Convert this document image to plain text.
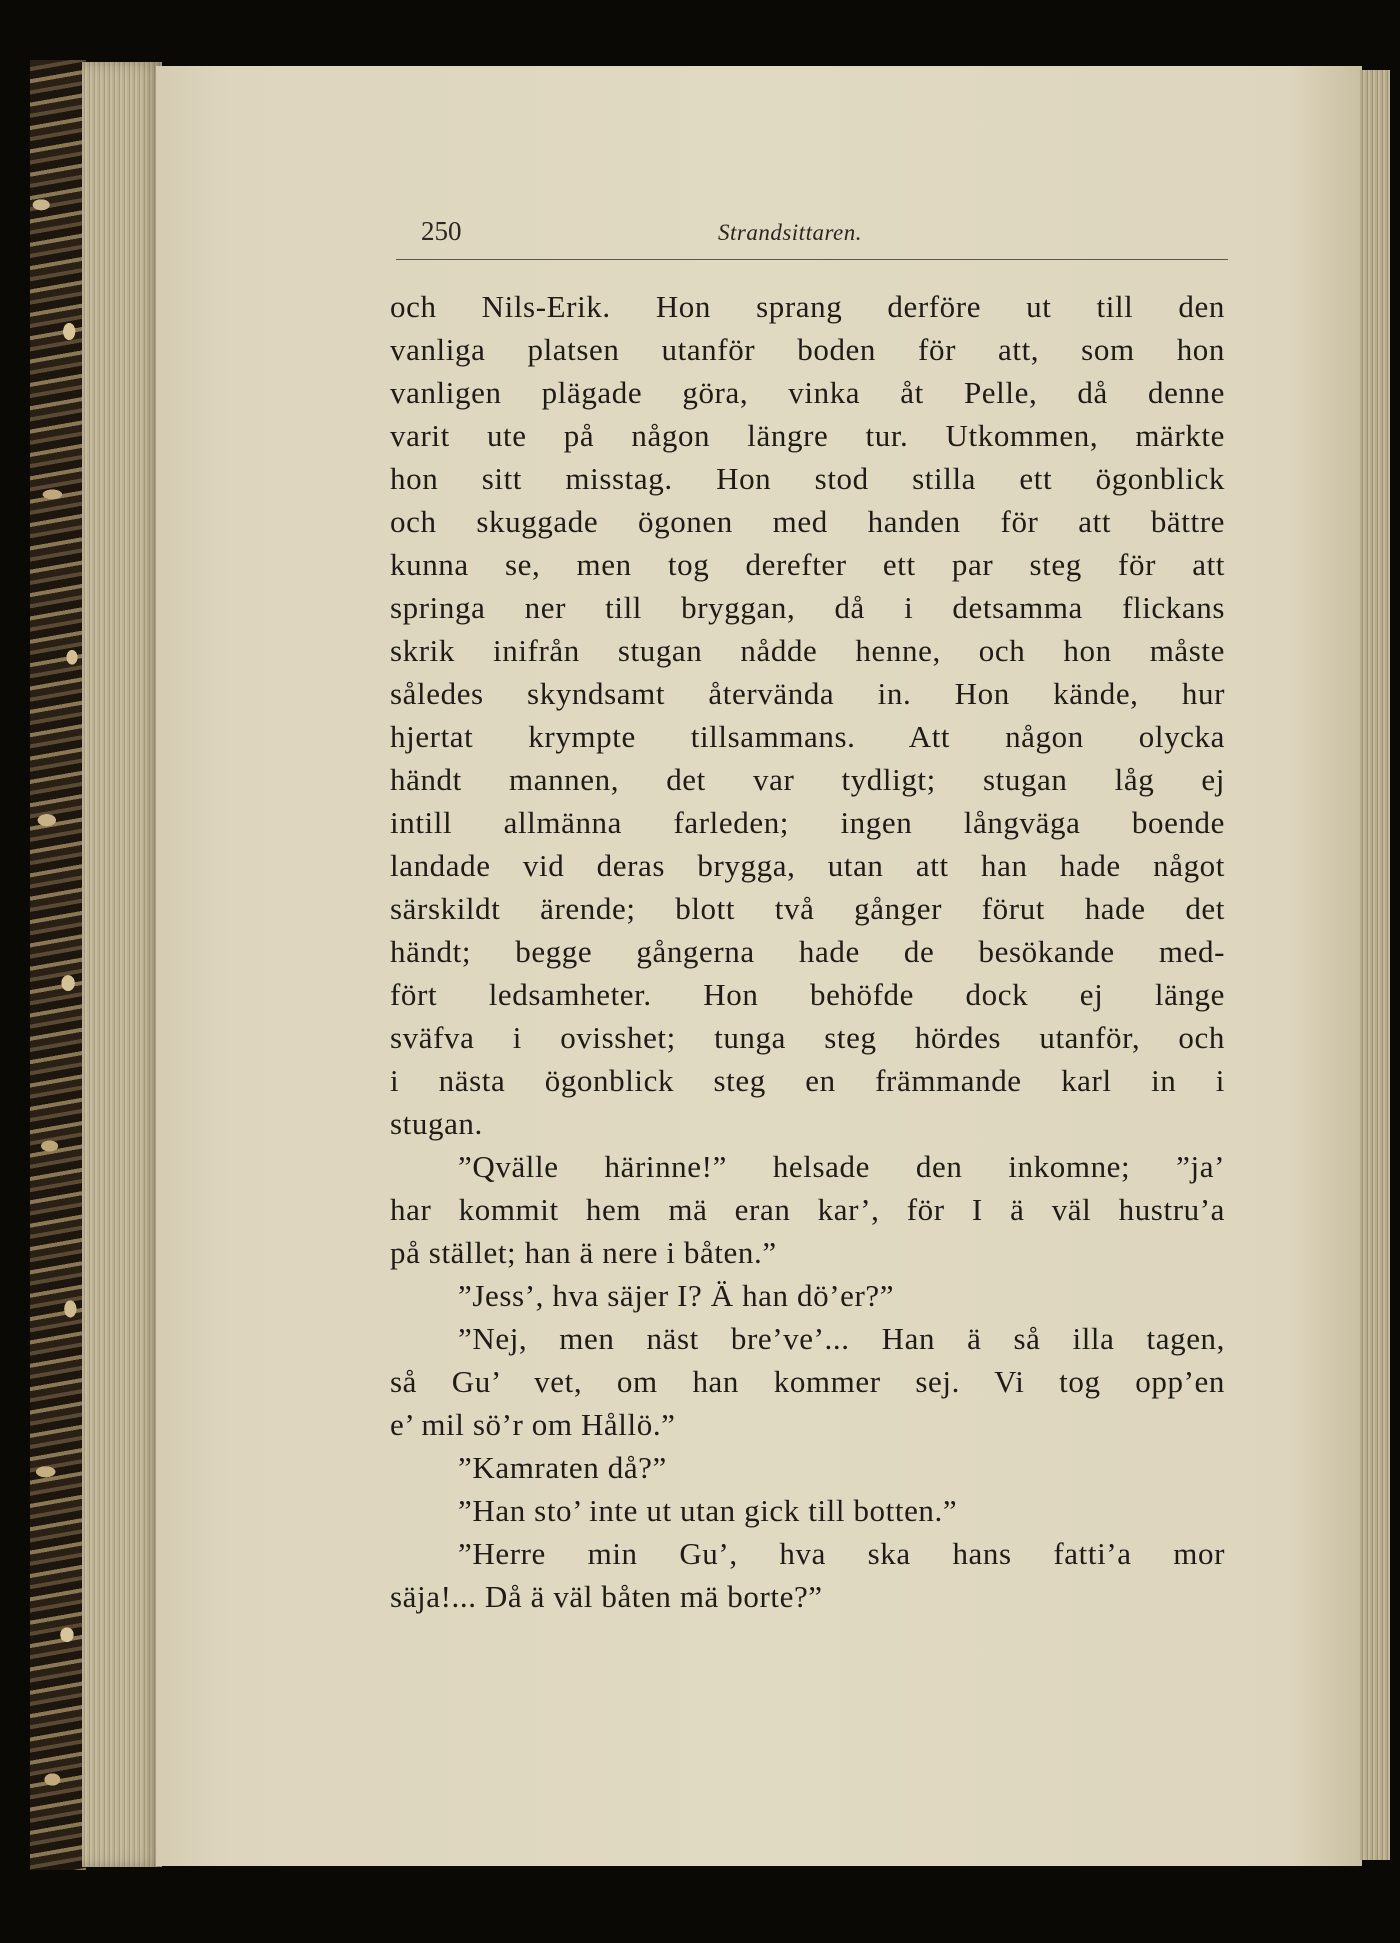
250	Strandsittaren.
och Nils-Erik. Hon sprang derföre ut till den
vanliga platsen utanför boden för att, som hon
vanligen plägade göra, vinka åt Pelle, då denne
varit ute på någon längre tur. Utkommen, märkte
hon sitt misstag. Hon stod stilla ett ögonblick
och skuggade ögonen med handen för att bättre
kunna se, men tog derefter ett par steg för att
springa ner till bryggan, då i detsamma flickans
skrik inifrån stugan nådde henne, och hon måste
således skyndsamt återvända in. Hon kände, hur
hjertat krympte tillsammans. Att någon olycka
händt mannen, det var tydligt; stugan låg ej
intill allmänna farleden; ingen långväga boende
landade vid deras brygga, utan att han hade något
särskildt ärende; blott två gånger förut hade det
händt; begge gångerna hade de besökande med-
fört ledsamheter. Hon behöfde dock ej länge
sväfva i ovisshet; tunga steg hördes utanför, och
i nästa ögonblick steg en främmande karl in i
stugan.
”Qvälle härinne!” helsade den inkomne; ”ja’
har kommit hem mä eran kar’, för I ä väl hustru’a
på stället; han ä nere i båten.”
”Jess’, hva säjer I? Ä han dö’er?”
”Nej, men näst bre’ve’... Han ä så illa tagen,
så Gu’ vet, om han kommer sej. Vi tog opp’en
e’ mil sö’r om Hållö.”
”Kamraten då?”
”Han sto’ inte ut utan gick till botten.”
”Herre min Gu’, hva ska hans fatti’a mor
säja!... Då ä väl båten mä borte?”
